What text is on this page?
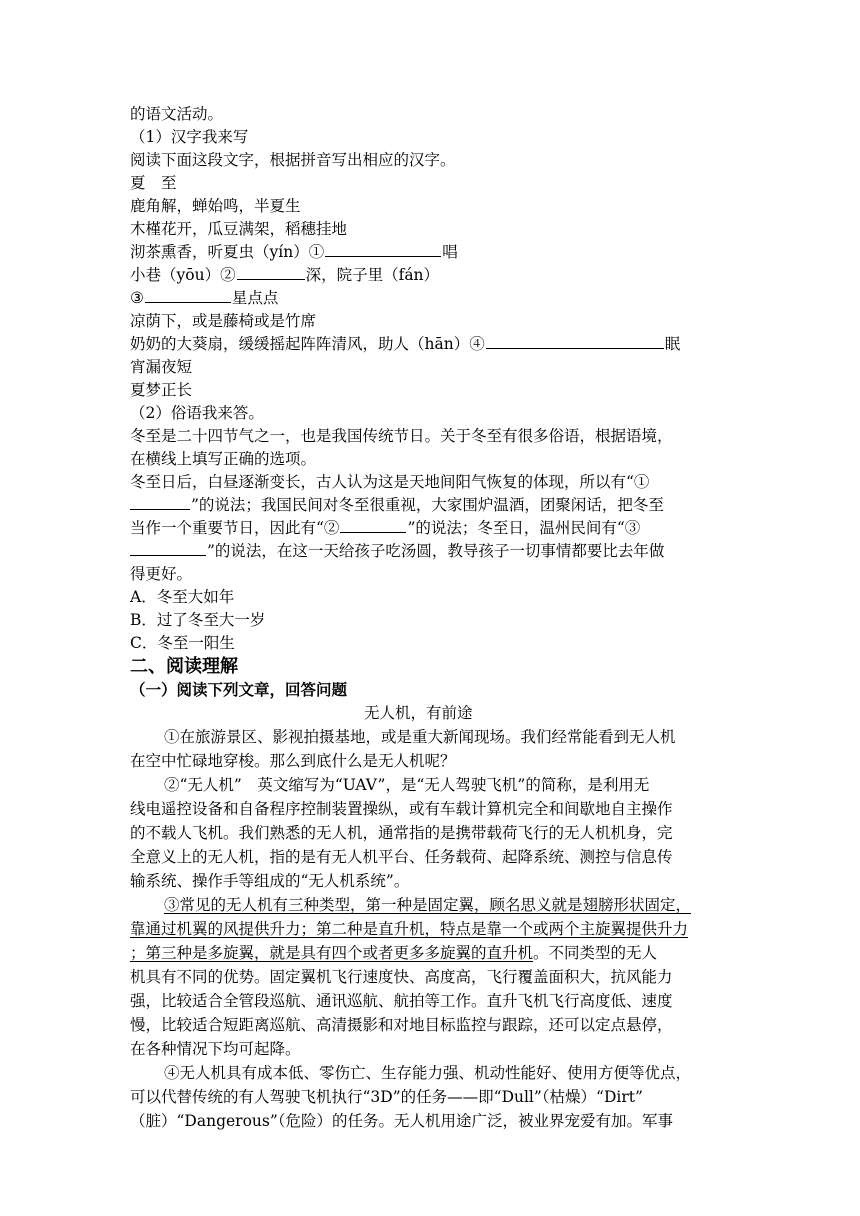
的语文活动。
（1）汉字我来写
阅读下面这段文字，根据拼音写出相应的汉字。
夏　至
鹿角解，蝉始鸣，半夏生
木槿花开，瓜豆满架，稻穗挂地
沏茶熏香，听夏虫（yín）①	唱
小巷（yōu）②	深，院子里（fán）
③	星点点
凉荫下，或是藤椅或是竹席
奶奶的大葵扇，缓缓摇起阵阵清风，助人（hān）④	眠
宵漏夜短
夏梦正长
（2）俗语我来答。
冬至是二十四节气之一，也是我国传统节日。关于冬至有很多俗语，根据语境，
在横线上填写正确的选项。
冬至日后，白昼逐渐变长，古人认为这是天地间阳气恢复的体现，所以有“①
”的说法；我国民间对冬至很重视，大家围炉温酒，团聚闲话，把冬至
当作一个重要节日，因此有“②	”的说法；冬至日，温州民间有“③
”的说法，在这一天给孩子吃汤圆，教导孩子一切事情都要比去年做
得更好。
A．冬至大如年
B．过了冬至大一岁
C．冬至一阳生
二、阅读理解
（一）阅读下列文章，回答问题
无人机，有前途
①在旅游景区、影视拍摄基地，或是重大新闻现场。我们经常能看到无人机
在空中忙碌地穿梭。那么到底什么是无人机呢？
②“无人机”　英文缩写为“UAV”，是“无人驾驶飞机”的简称，是利用无
线电遥控设备和自备程序控制装置操纵，或有车载计算机完全和间歇地自主操作
的不载人飞机。我们熟悉的无人机，通常指的是携带载荷飞行的无人机机身，完
全意义上的无人机，指的是有无人机平台、任务载荷、起降系统、测控与信息传
输系统、操作手等组成的“无人机系统”。
③常见的无人机有三种类型，第一种是固定翼，顾名思义就是翅膀形状固定，
靠通过机翼的风提供升力；第二种是直升机，特点是靠一个或两个主旋翼提供升力
；第三种是多旋翼，就是具有四个或者更多多旋翼的直升机。不同类型的无人
机具有不同的优势。固定翼机飞行速度快、高度高，飞行覆盖面积大，抗风能力
强，比较适合全管段巡航、通讯巡航、航拍等工作。直升飞机飞行高度低、速度
慢，比较适合短距离巡航、高清摄影和对地目标监控与跟踪，还可以定点悬停，
在各种情况下均可起降。
④无人机具有成本低、零伤亡、生存能力强、机动性能好、使用方便等优点，
可以代替传统的有人驾驶飞机执行“3D”的任务——即“Dull”（枯燥）“Dirt”
（脏）“Dangerous”（危险）的任务。无人机用途广泛，被业界宠爱有加。军事
